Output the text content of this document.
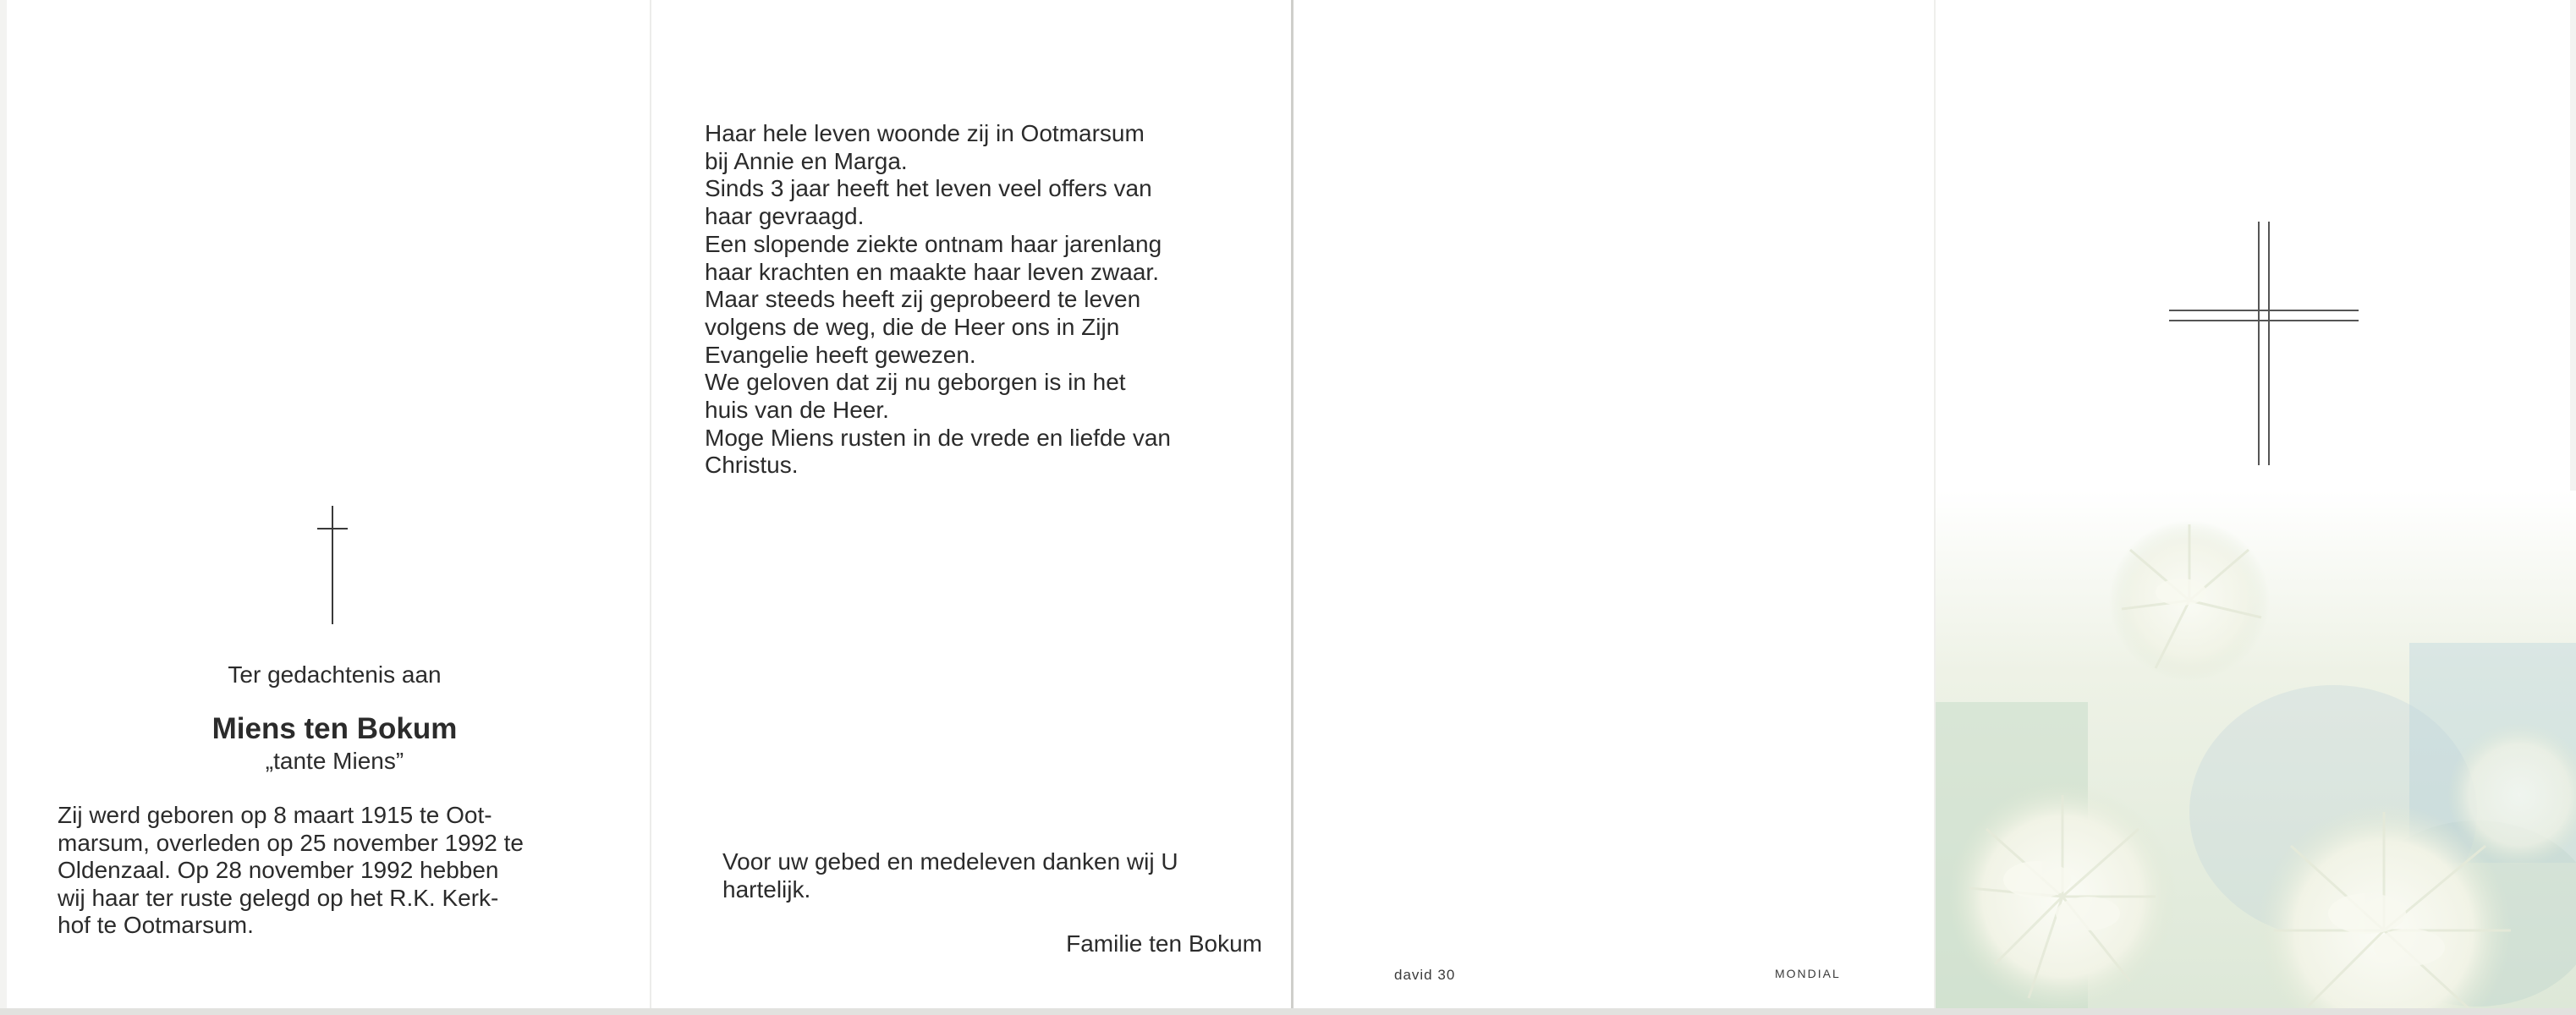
Ter gedachtenis aan
Miens ten Bokum
„tante Miens”
Zij werd geboren op 8 maart 1915 te Oot-
marsum, overleden op 25 november 1992 te
Oldenzaal. Op 28 november 1992 hebben
wij haar ter ruste gelegd op het R.K. Kerk-
hof te Ootmarsum.
Haar hele leven woonde zij in Ootmarsum
bij Annie en Marga.
Sinds 3 jaar heeft het leven veel offers van
haar gevraagd.
Een slopende ziekte ontnam haar jarenlang
haar krachten en maakte haar leven zwaar.
Maar steeds heeft zij geprobeerd te leven
volgens de weg, die de Heer ons in Zijn
Evangelie heeft gewezen.
We geloven dat zij nu geborgen is in het
huis van de Heer.
Moge Miens rusten in de vrede en liefde van
Christus.
Voor uw gebed en medeleven danken wij U
hartelijk.
Familie ten Bokum
david 30	MONDIAL
